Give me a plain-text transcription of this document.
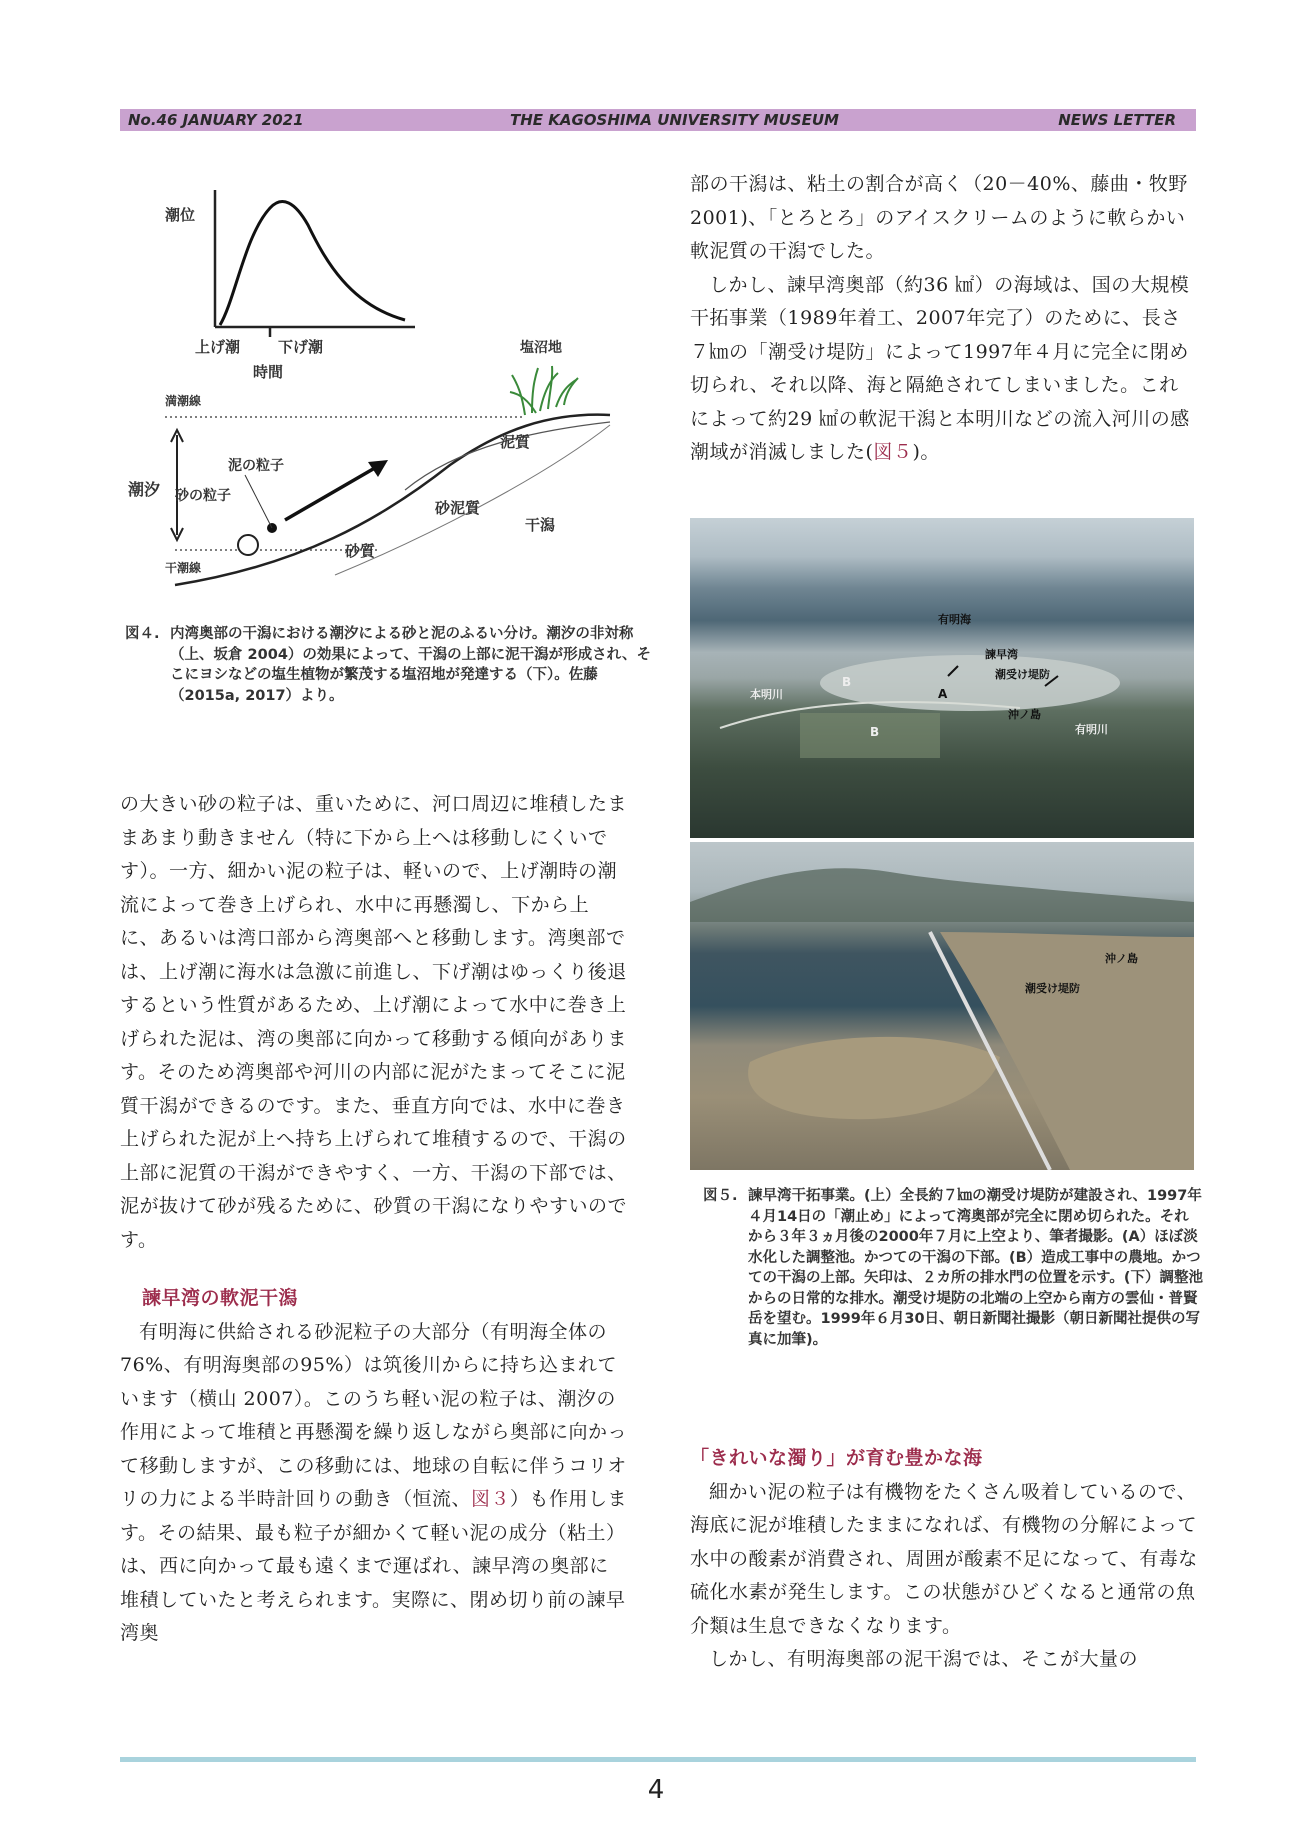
No.46 JANUARY 2021	THE KAGOSHIMA UNIVERSITY MUSEUM	NEWS LETTER
潮位
上げ潮	下げ潮
時間
塩沼地
満潮線
干潮線
潮汐
泥の粒子
砂の粒子
泥質
砂泥質
砂質
干潟
図４. 内湾奥部の干潟における潮汐による砂と泥のふるい分け。潮汐の非対称（上、坂倉 2004）の効果によって、干潟の上部に泥干潟が形成され、そこにヨシなどの塩生植物が繁茂する塩沼地が発達する（下）。佐藤（2015a, 2017）より。

の大きい砂の粒子は、重いために、河口周辺に堆積したままあまり動きません（特に下から上へは移動しにくいです）。一方、細かい泥の粒子は、軽いので、上げ潮時の潮流によって巻き上げられ、水中に再懸濁し、下から上に、あるいは湾口部から湾奥部へと移動します。湾奥部では、上げ潮に海水は急激に前進し、下げ潮はゆっくり後退するという性質があるため、上げ潮によって水中に巻き上げられた泥は、湾の奥部に向かって移動する傾向があります。そのため湾奥部や河川の内部に泥がたまってそこに泥質干潟ができるのです。また、垂直方向では、水中に巻き上げられた泥が上へ持ち上げられて堆積するので、干潟の上部に泥質の干潟ができやすく、一方、干潟の下部では、泥が抜けて砂が残るために、砂質の干潟になりやすいのです。

諫早湾の軟泥干潟

有明海に供給される砂泥粒子の大部分（有明海全体の76%、有明海奥部の95%）は筑後川からに持ち込まれています（横山 2007）。このうち軽い泥の粒子は、潮汐の作用によって堆積と再懸濁を繰り返しながら奥部に向かって移動しますが、この移動には、地球の自転に伴うコリオリの力による半時計回りの動き（恒流、図３）も作用します。その結果、最も粒子が細かくて軽い泥の成分（粘土）は、西に向かって最も遠くまで運ばれ、諫早湾の奥部に堆積していたと考えられます。実際に、閉め切り前の諫早湾奥

部の干潟は、粘土の割合が高く（20－40%、藤曲・牧野 2001)、「とろとろ」のアイスクリームのように軟らかい軟泥質の干潟でした。

しかし、諫早湾奥部（約36 ㎢）の海域は、国の大規模干拓事業（1989年着工、2007年完了）のために、長さ７㎞の「潮受け堤防」によって1997年４月に完全に閉め切られ、それ以降、海と隔絶されてしまいました。これによって約29 ㎢の軟泥干潟と本明川などの流入河川の感潮域が消滅しました(図５)。

有明海
諫早湾
潮受け堤防
A
沖ノ島
本明川
B
B	有明川
沖ノ島
潮受け堤防
図５. 諫早湾干拓事業。(上）全長約７㎞の潮受け堤防が建設され、1997年４月14日の「潮止め」によって湾奥部が完全に閉め切られた。それから３年３ヵ月後の2000年７月に上空より、筆者撮影。(A）ほぼ淡水化した調整池。かつての干潟の下部。(B）造成工事中の農地。かつての干潟の上部。矢印は、２カ所の排水門の位置を示す。(下）調整池からの日常的な排水。潮受け堤防の北端の上空から南方の雲仙・普賢岳を望む。1999年６月30日、朝日新聞社撮影（朝日新聞社提供の写真に加筆)。

「きれいな濁り」が育む豊かな海

細かい泥の粒子は有機物をたくさん吸着しているので、海底に泥が堆積したままになれば、有機物の分解によって水中の酸素が消費され、周囲が酸素不足になって、有毒な硫化水素が発生します。この状態がひどくなると通常の魚介類は生息できなくなります。

しかし、有明海奥部の泥干潟では、そこが大量の

4
